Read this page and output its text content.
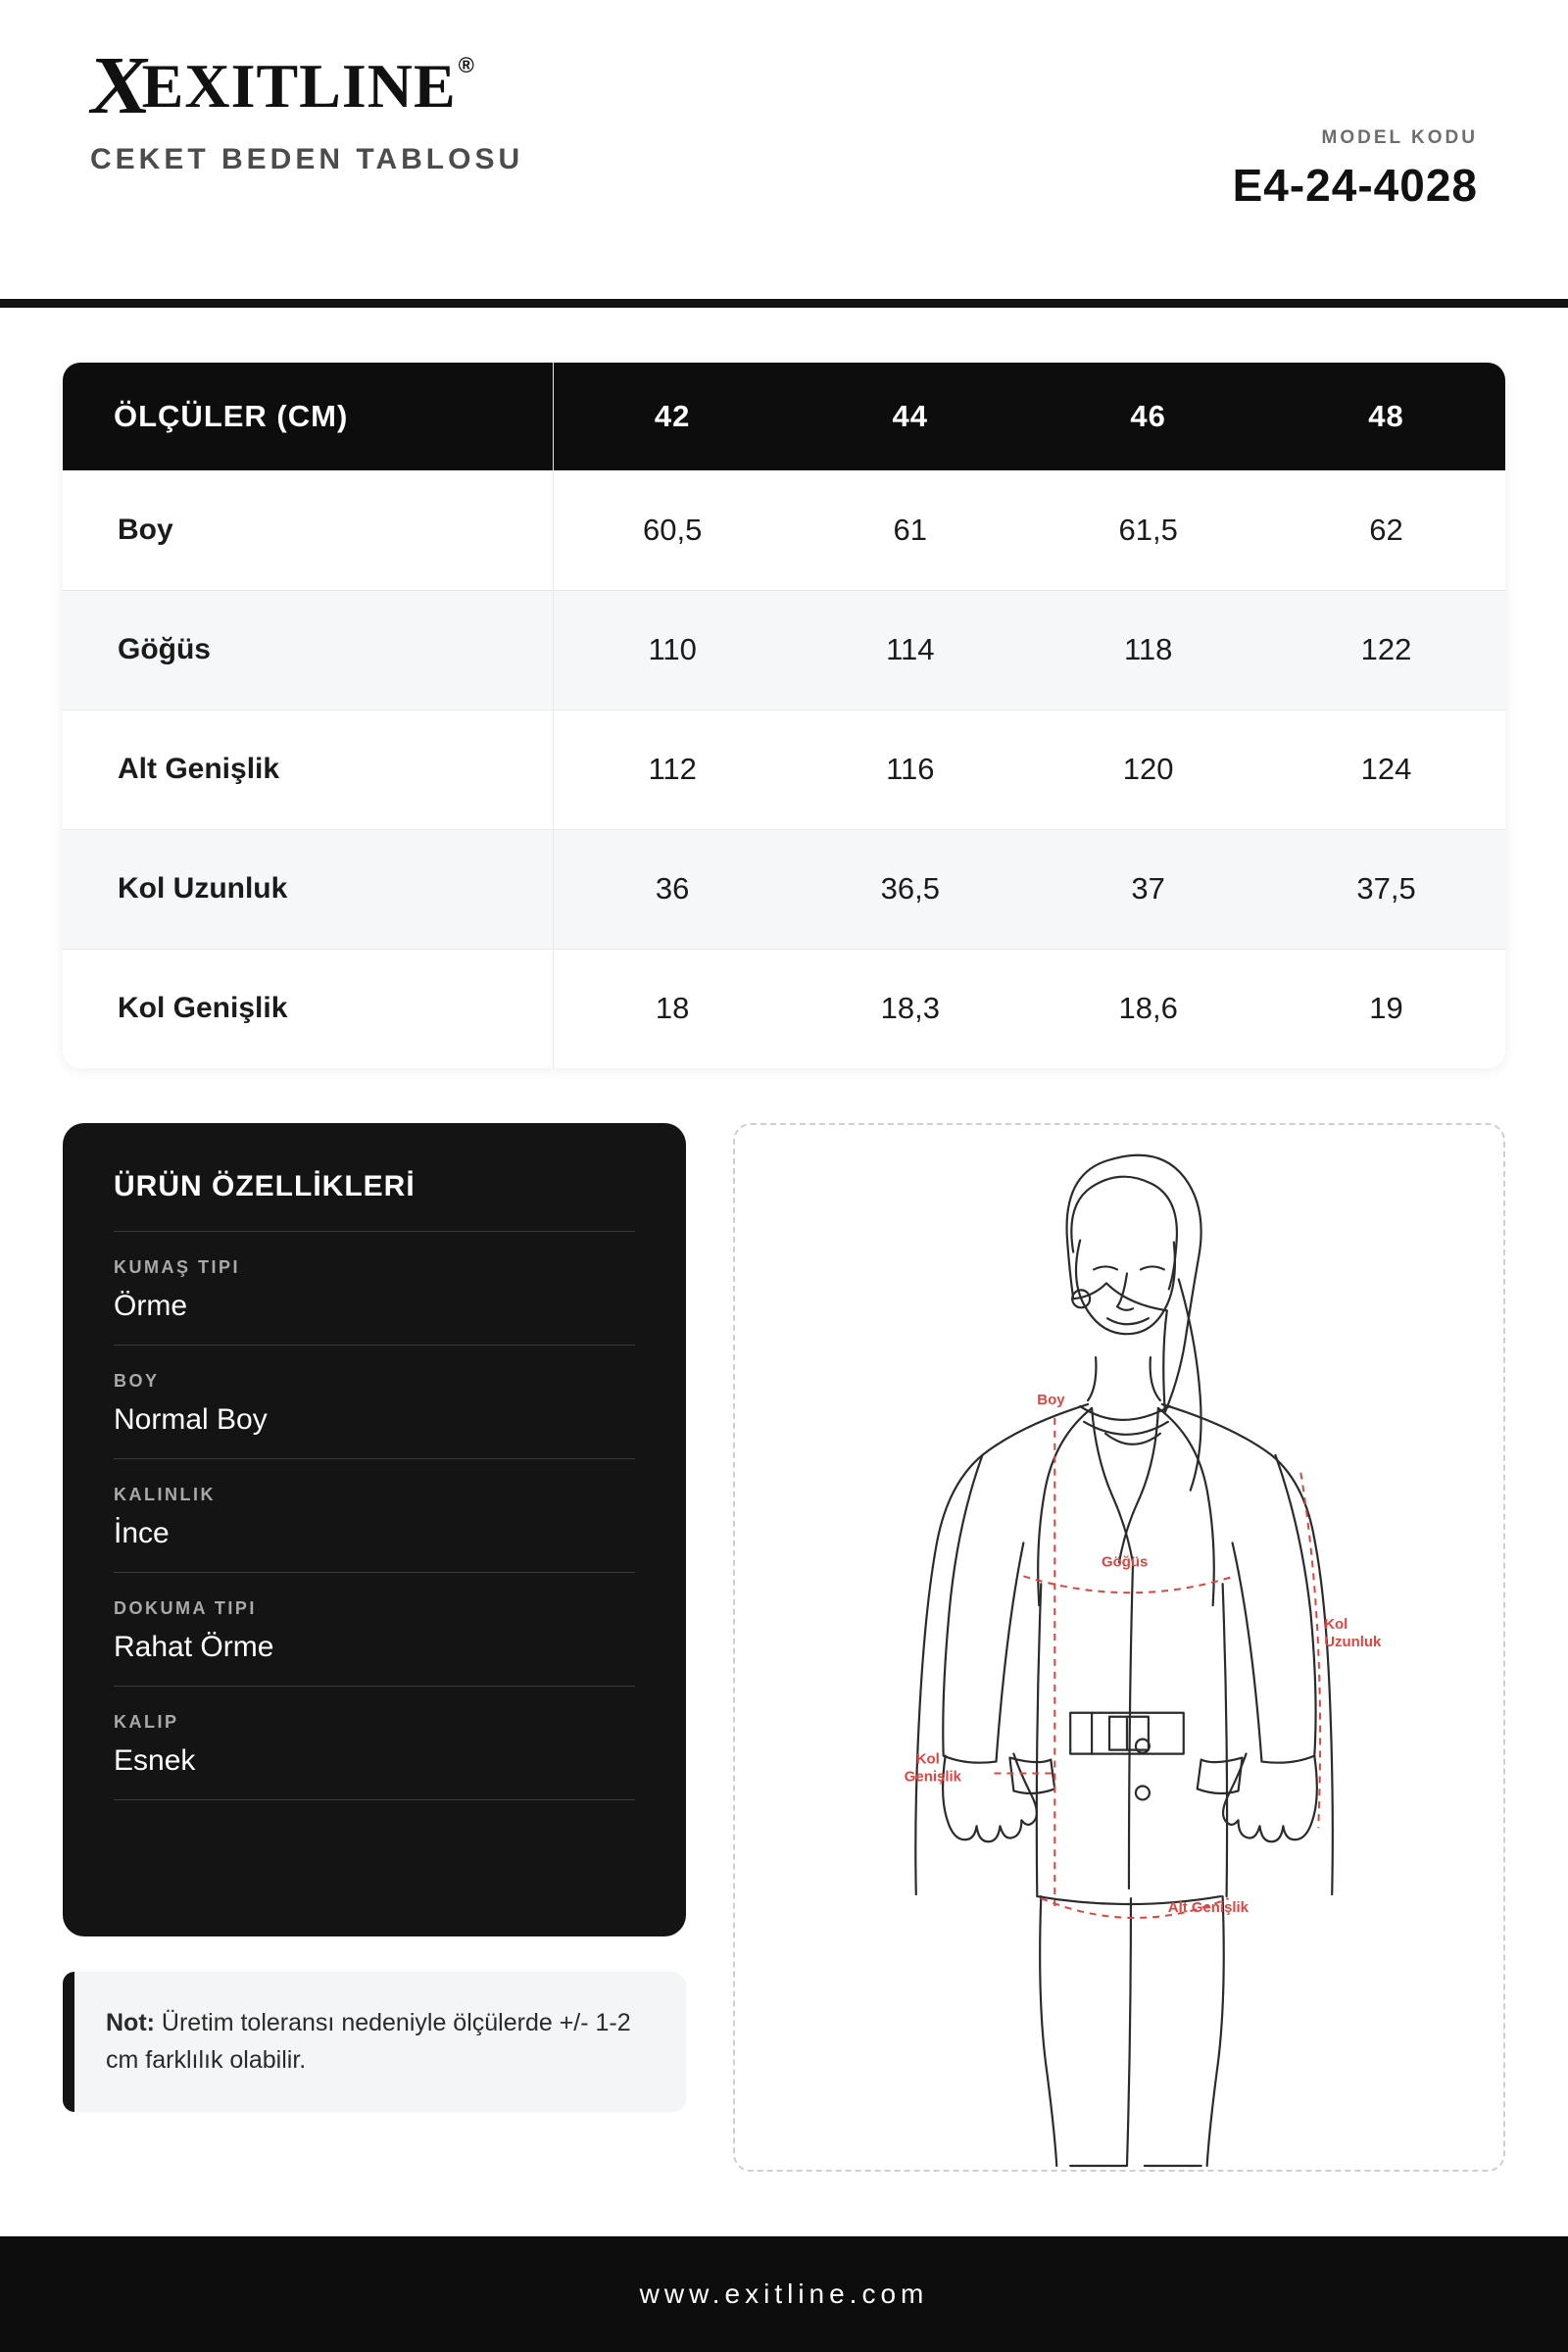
X
EXITLINE ®
CEKET BEDEN TABLOSU
MODEL KODU
E4-24-4028
ÖLÇÜLER (CM)	42	44	46	48
Boy	60,5	61	61,5	62
Göğüs	110	114	118	122
Alt Genişlik	112	116	120	124
Kol Uzunluk	36	36,5	37	37,5
Kol Genişlik	18	18,3	18,6	19
ÜRÜN ÖZELLİKLERİ
KUMAŞ TIPI
Örme
BOY
Normal Boy
KALINLIK
İnce
DOKUMA TIPI
Rahat Örme
KALIP
Esnek

Not: Üretim toleransı nedeniyle ölçülerde +/- 1-2 cm farklılık olabilir.

Boy
Göğüs
Kol
Uzunluk
Kol
Genişlik
Alt Genişlik
www.exitline.com
